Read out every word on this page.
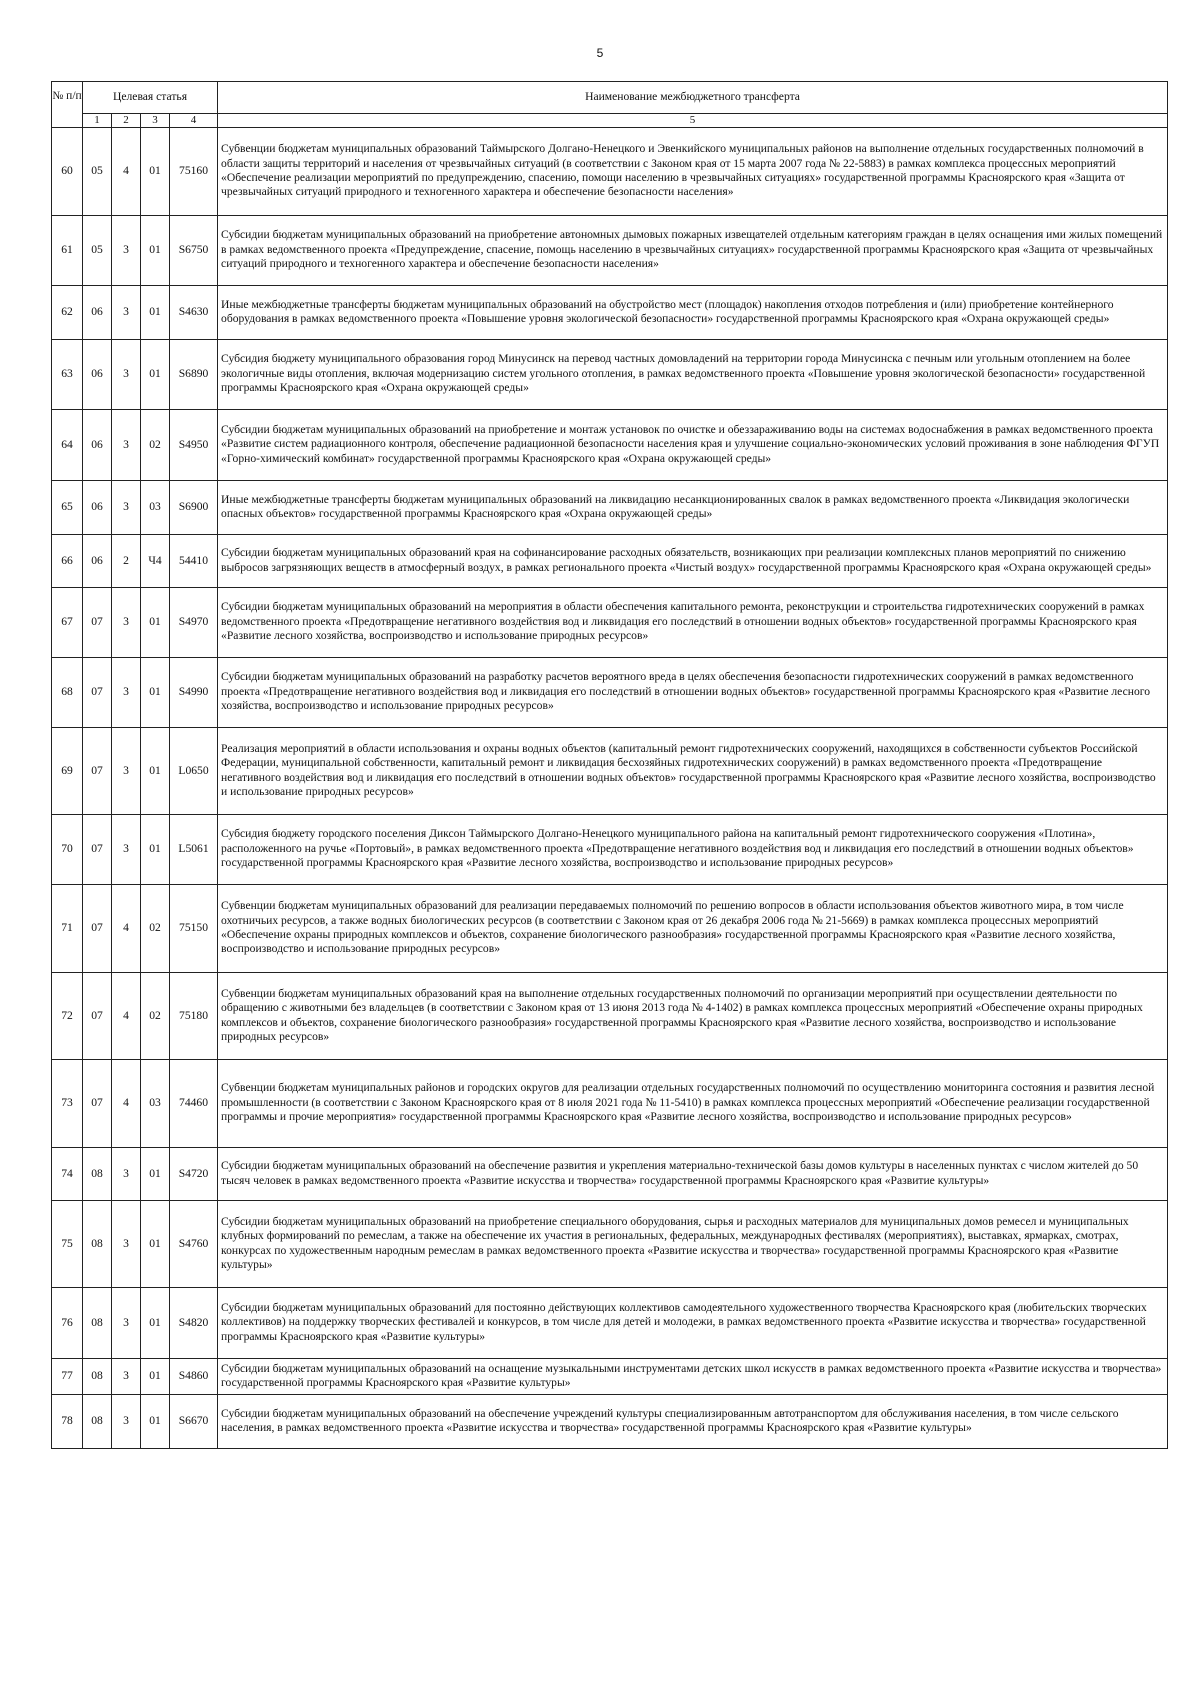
5
№ п/п	Целевая статья				Наименование межбюджетного трансферта
	1	2	3	4	5
60	05	4	01	75160	Субвенции бюджетам муниципальных образований Таймырского Долгано-Ненецкого и Эвенкийского муниципальных районов на выполнение отдельных государственных полномочий в области защиты территорий и населения от чрезвычайных ситуаций (в соответствии с Законом края от 15 марта 2007 года № 22-5883) в рамках комплекса процессных мероприятий «Обеспечение реализации мероприятий по предупреждению, спасению, помощи населению в чрезвычайных ситуациях» государственной программы Красноярского края «Защита от чрезвычайных ситуаций природного и техногенного характера и обеспечение безопасности населения»
61	05	3	01	S6750	Субсидии бюджетам муниципальных образований на приобретение автономных дымовых пожарных извещателей отдельным категориям граждан в целях оснащения ими жилых помещений в рамках ведомственного проекта «Предупреждение, спасение, помощь населению в чрезвычайных ситуациях» государственной программы Красноярского края «Защита от чрезвычайных ситуаций природного и техногенного характера и обеспечение безопасности населения»
62	06	3	01	S4630	Иные межбюджетные трансферты бюджетам муниципальных образований на обустройство мест (площадок) накопления отходов потребления и (или) приобретение контейнерного оборудования в рамках ведомственного проекта «Повышение уровня экологической безопасности» государственной программы Красноярского края «Охрана окружающей среды»
63	06	3	01	S6890	Субсидия бюджету муниципального образования город Минусинск на перевод частных домовладений на территории города Минусинска с печным или угольным отоплением на более экологичные виды отопления, включая модернизацию систем угольного отопления, в рамках ведомственного проекта «Повышение уровня экологической безопасности» государственной программы Красноярского края «Охрана окружающей среды»
64	06	3	02	S4950	Субсидии бюджетам муниципальных образований на приобретение и монтаж установок по очистке и обеззараживанию воды на системах водоснабжения в рамках ведомственного проекта «Развитие систем радиационного контроля, обеспечение радиационной безопасности населения края и улучшение социально-экономических условий проживания в зоне наблюдения ФГУП «Горно-химический комбинат» государственной программы Красноярского края «Охрана окружающей среды»
65	06	3	03	S6900	Иные межбюджетные трансферты бюджетам муниципальных образований на ликвидацию несанкционированных свалок в рамках ведомственного проекта «Ликвидация экологически опасных объектов» государственной программы Красноярского края «Охрана окружающей среды»
66	06	2	Ч4	54410	Субсидии бюджетам муниципальных образований края на софинансирование расходных обязательств, возникающих при реализации комплексных планов мероприятий по снижению выбросов загрязняющих веществ в атмосферный воздух, в рамках регионального проекта «Чистый воздух» государственной программы Красноярского края «Охрана окружающей среды»
67	07	3	01	S4970	Субсидии бюджетам муниципальных образований на мероприятия в области обеспечения капитального ремонта, реконструкции и строительства гидротехнических сооружений в рамках ведомственного проекта «Предотвращение негативного воздействия вод и ликвидация его последствий в отношении водных объектов» государственной программы Красноярского края «Развитие лесного хозяйства, воспроизводство и использование природных ресурсов»
68	07	3	01	S4990	Субсидии бюджетам муниципальных образований на разработку расчетов вероятного вреда в целях обеспечения безопасности гидротехнических сооружений в рамках ведомственного проекта «Предотвращение негативного воздействия вод и ликвидация его последствий в отношении водных объектов» государственной программы Красноярского края «Развитие лесного хозяйства, воспроизводство и использование природных ресурсов»
69	07	3	01	L0650	Реализация мероприятий в области использования и охраны водных объектов (капитальный ремонт гидротехнических сооружений, находящихся в собственности субъектов Российской Федерации, муниципальной собственности, капитальный ремонт и ликвидация бесхозяйных гидротехнических сооружений) в рамках ведомственного проекта «Предотвращение негативного воздействия вод и ликвидация его последствий в отношении водных объектов» государственной программы Красноярского края «Развитие лесного хозяйства, воспроизводство и использование природных ресурсов»
70	07	3	01	L5061	Субсидия бюджету городского поселения Диксон Таймырского Долгано-Ненецкого муниципального района на капитальный ремонт гидротехнического сооружения «Плотина», расположенного на ручье «Портовый», в рамках ведомственного проекта «Предотвращение негативного воздействия вод и ликвидация его последствий в отношении водных объектов» государственной программы Красноярского края «Развитие лесного хозяйства, воспроизводство и использование природных ресурсов»
71	07	4	02	75150	Субвенции бюджетам муниципальных образований для реализации передаваемых полномочий по решению вопросов в области использования объектов животного мира, в том числе охотничьих ресурсов, а также водных биологических ресурсов (в соответствии с Законом края от 26 декабря 2006 года № 21-5669) в рамках комплекса процессных мероприятий «Обеспечение охраны природных комплексов и объектов, сохранение биологического разнообразия» государственной программы Красноярского края «Развитие лесного хозяйства, воспроизводство и использование природных ресурсов»
72	07	4	02	75180	Субвенции бюджетам муниципальных образований края на выполнение отдельных государственных полномочий по организации мероприятий при осуществлении деятельности по обращению с животными без владельцев (в соответствии с Законом края от 13 июня 2013 года № 4-1402) в рамках комплекса процессных мероприятий «Обеспечение охраны природных комплексов и объектов, сохранение биологического разнообразия» государственной программы Красноярского края «Развитие лесного хозяйства, воспроизводство и использование природных ресурсов»
73	07	4	03	74460	Субвенции бюджетам муниципальных районов и городских округов для реализации отдельных государственных полномочий по осуществлению мониторинга состояния и развития лесной промышленности (в соответствии с Законом Красноярского края от 8 июля 2021 года № 11-5410) в рамках комплекса процессных мероприятий «Обеспечение реализации государственной программы и прочие мероприятия» государственной программы Красноярского края «Развитие лесного хозяйства, воспроизводство и использование природных ресурсов»
74	08	3	01	S4720	Субсидии бюджетам муниципальных образований на обеспечение развития и укрепления материально-технической базы домов культуры в населенных пунктах с числом жителей до 50 тысяч человек в рамках ведомственного проекта «Развитие искусства и творчества» государственной программы Красноярского края «Развитие культуры»
75	08	3	01	S4760	Субсидии бюджетам муниципальных образований на приобретение специального оборудования, сырья и расходных материалов для муниципальных домов ремесел и муниципальных клубных формирований по ремеслам, а также на обеспечение их участия в региональных, федеральных, международных фестивалях (мероприятиях), выставках, ярмарках, смотрах, конкурсах по художественным народным ремеслам в рамках ведомственного проекта «Развитие искусства и творчества» государственной программы Красноярского края «Развитие культуры»
76	08	3	01	S4820	Субсидии бюджетам муниципальных образований для постоянно действующих коллективов самодеятельного художественного творчества Красноярского края (любительских творческих коллективов) на поддержку творческих фестивалей и конкурсов, в том числе для детей и молодежи, в рамках ведомственного проекта «Развитие искусства и творчества» государственной программы Красноярского края «Развитие культуры»
77	08	3	01	S4860	Субсидии бюджетам муниципальных образований на оснащение музыкальными инструментами детских школ искусств в рамках ведомственного проекта «Развитие искусства и творчества» государственной программы Красноярского края «Развитие культуры»
78	08	3	01	S6670	Субсидии бюджетам муниципальных образований на обеспечение учреждений культуры специализированным автотранспортом для обслуживания населения, в том числе сельского населения, в рамках ведомственного проекта «Развитие искусства и творчества» государственной программы Красноярского края «Развитие культуры»
